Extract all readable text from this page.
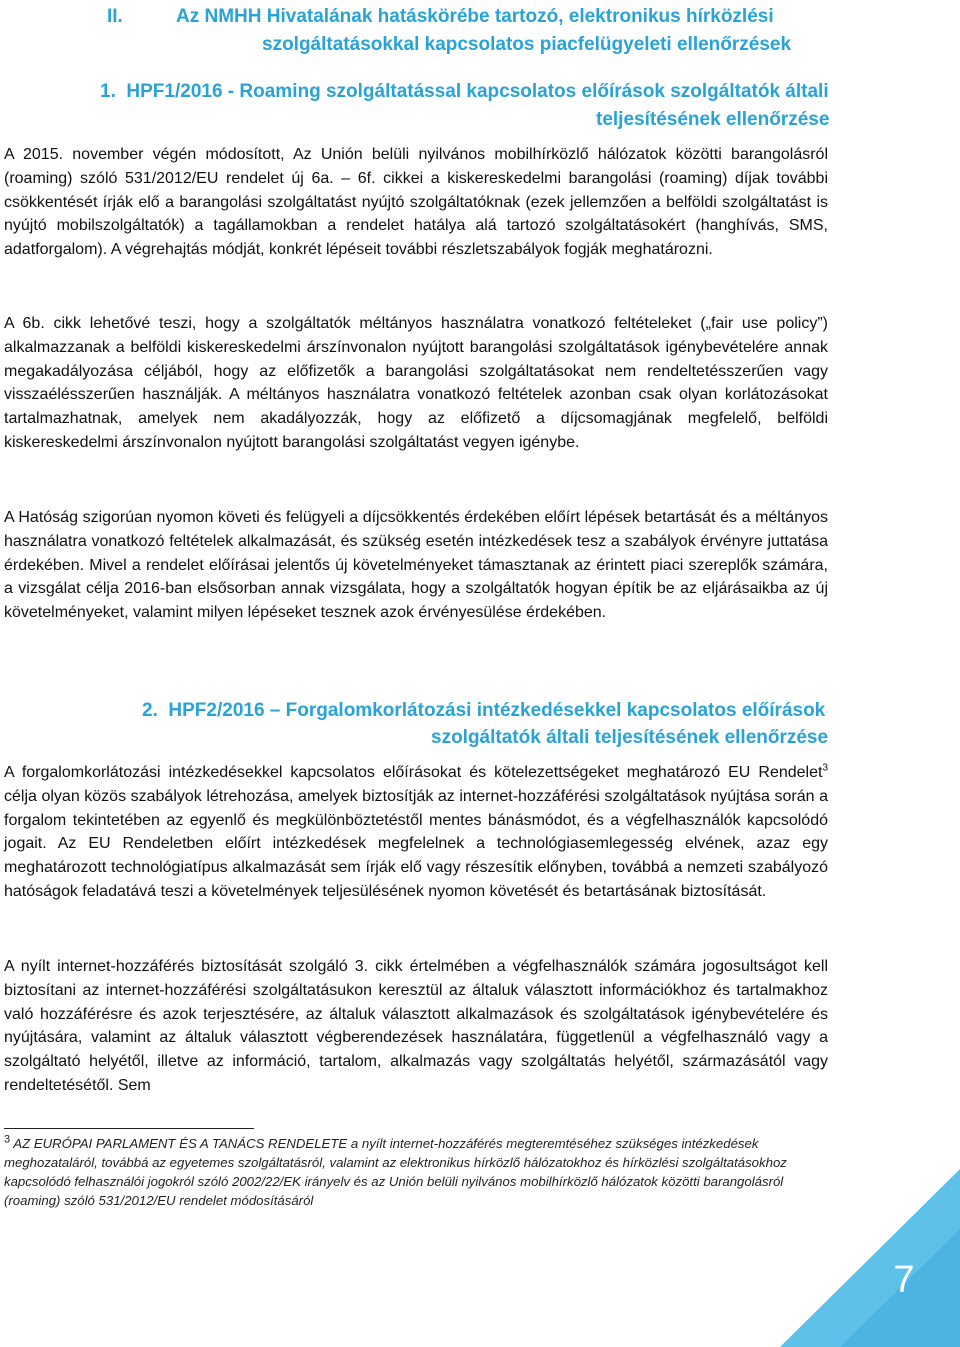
II.	Az NMHH Hivatalának hatáskörébe tartozó, elektronikus hírközlési
szolgáltatásokkal kapcsolatos piacfelügyeleti ellenőrzések
1.  HPF1/2016 - Roaming szolgáltatással kapcsolatos előírások szolgáltatók általi
teljesítésének ellenőrzése
A 2015. november végén módosított, Az Unión belüli nyilvános mobilhírközlő hálózatok közötti barangolásról (roaming) szóló 531/2012/EU rendelet új 6a. – 6f. cikkei a kiskereskedelmi barangolási (roaming) díjak további csökkentését írják elő a barangolási szolgáltatást nyújtó szolgáltatóknak (ezek jellemzően a belföldi szolgáltatást is nyújtó mobilszolgáltatók) a tagállamokban a rendelet hatálya alá tartozó szolgáltatásokért (hanghívás, SMS, adatforgalom). A végrehajtás módját, konkrét lépéseit további részletszabályok fogják meghatározni.
A 6b. cikk lehetővé teszi, hogy a szolgáltatók méltányos használatra vonatkozó feltételeket („fair use policy”) alkalmazzanak a belföldi kiskereskedelmi árszínvonalon nyújtott barangolási szolgáltatások igénybevételére annak megakadályozása céljából, hogy az előfizetők a barangolási szolgáltatásokat nem rendeltetésszerűen vagy visszaélésszerűen használják. A méltányos használatra vonatkozó feltételek azonban csak olyan korlátozásokat tartalmazhatnak, amelyek nem akadályozzák, hogy az előfizető a díjcsomagjának megfelelő, belföldi kiskereskedelmi árszínvonalon nyújtott barangolási szolgáltatást vegyen igénybe.
A Hatóság szigorúan nyomon követi és felügyeli a díjcsökkentés érdekében előírt lépések betartását és a méltányos használatra vonatkozó feltételek alkalmazását, és szükség esetén intézkedések tesz a szabályok érvényre juttatása érdekében. Mivel a rendelet előírásai jelentős új követelményeket támasztanak az érintett piaci szereplők számára, a vizsgálat célja 2016-ban elsősorban annak vizsgálata, hogy a szolgáltatók hogyan építik be az eljárásaikba az új követelményeket, valamint milyen lépéseket tesznek azok érvényesülése érdekében.
2.  HPF2/2016 – Forgalomkorlátozási intézkedésekkel kapcsolatos előírások
szolgáltatók általi teljesítésének ellenőrzése
A forgalomkorlátozási intézkedésekkel kapcsolatos előírásokat és kötelezettségeket meghatározó EU Rendelet$^3$ célja olyan közös szabályok létrehozása, amelyek biztosítják az internet-hozzáférési szolgáltatások nyújtása során a forgalom tekintetében az egyenlő és megkülönböztetéstől mentes bánásmódot, és a végfelhasználók kapcsolódó jogait. Az EU Rendeletben előírt intézkedések megfelelnek a technológiasemlegesség elvének, azaz egy meghatározott technológiatípus alkalmazását sem írják elő vagy részesítik előnyben, továbbá a nemzeti szabályozó hatóságok feladatává teszi a követelmények teljesülésének nyomon követését és betartásának biztosítását.
A nyílt internet-hozzáférés biztosítását szolgáló 3. cikk értelmében a végfelhasználók számára jogosultságot kell biztosítani az internet-hozzáférési szolgáltatásukon keresztül az általuk választott információkhoz és tartalmakhoz való hozzáférésre és azok terjesztésére, az általuk választott alkalmazások és szolgáltatások igénybevételére és nyújtására, valamint az általuk választott végberendezések használatára, függetlenül a végfelhasználó vagy a szolgáltató helyétől, illetve az információ, tartalom, alkalmazás vagy szolgáltatás helyétől, származásától vagy rendeltetésétől. Sem
$^3$ AZ EURÓPAI PARLAMENT ÉS A TANÁCS RENDELETE a nyílt internet-hozzáférés megteremtéséhez szükséges intézkedések meghozataláról, továbbá az egyetemes szolgáltatásról, valamint az elektronikus hírközlő hálózatokhoz és hírközlési szolgáltatásokhoz kapcsolódó felhasználói jogokról szóló 2002/22/EK irányelv és az Unión belüli nyilvános mobilhírközlő hálózatok közötti barangolásról (roaming) szóló 531/2012/EU rendelet módosításáról
7
